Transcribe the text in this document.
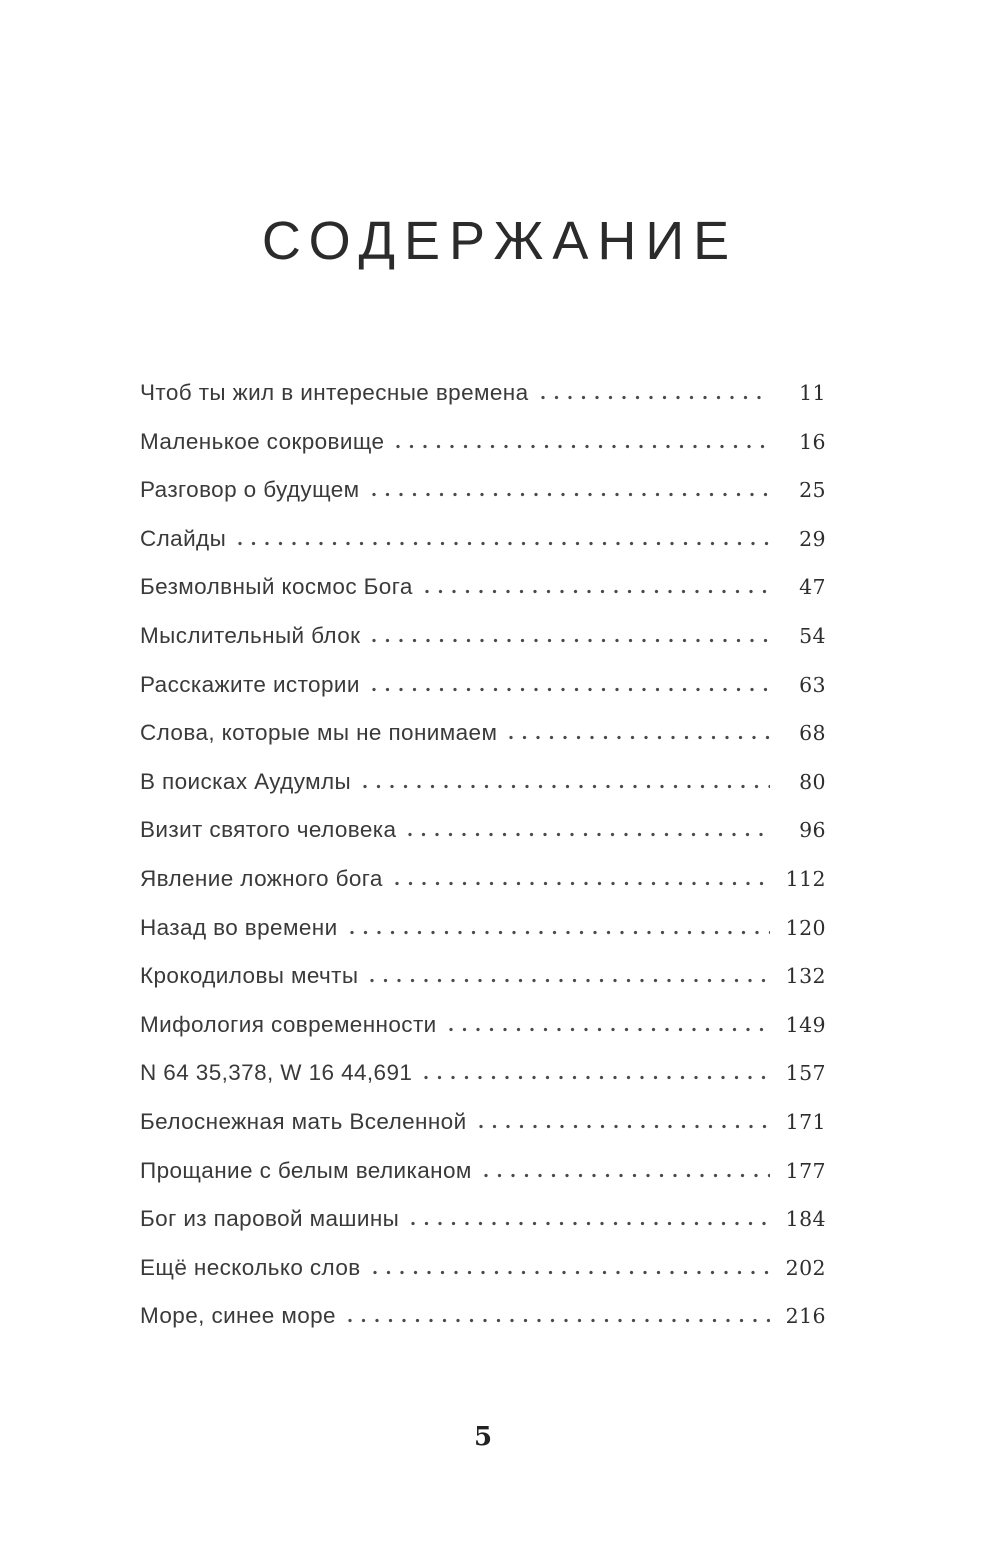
СОДЕРЖАНИЕ
Чтоб ты жил в интересные времена	11
Маленькое сокровище	16
Разговор о будущем	25
Слайды	29
Безмолвный космос Бога	47
Мыслительный блок	54
Расскажите истории	63
Слова, которые мы не понимаем	68
В поисках Аудумлы	80
Визит святого человека	96
Явление ложного бога	112
Назад во времени	120
Крокодиловы мечты	132
Мифология современности	149
N 64 35,378, W 16 44,691	157
Белоснежная мать Вселенной	171
Прощание с белым великаном	177
Бог из паровой машины	184
Ещё несколько слов	202
Море, синее море	216
5
